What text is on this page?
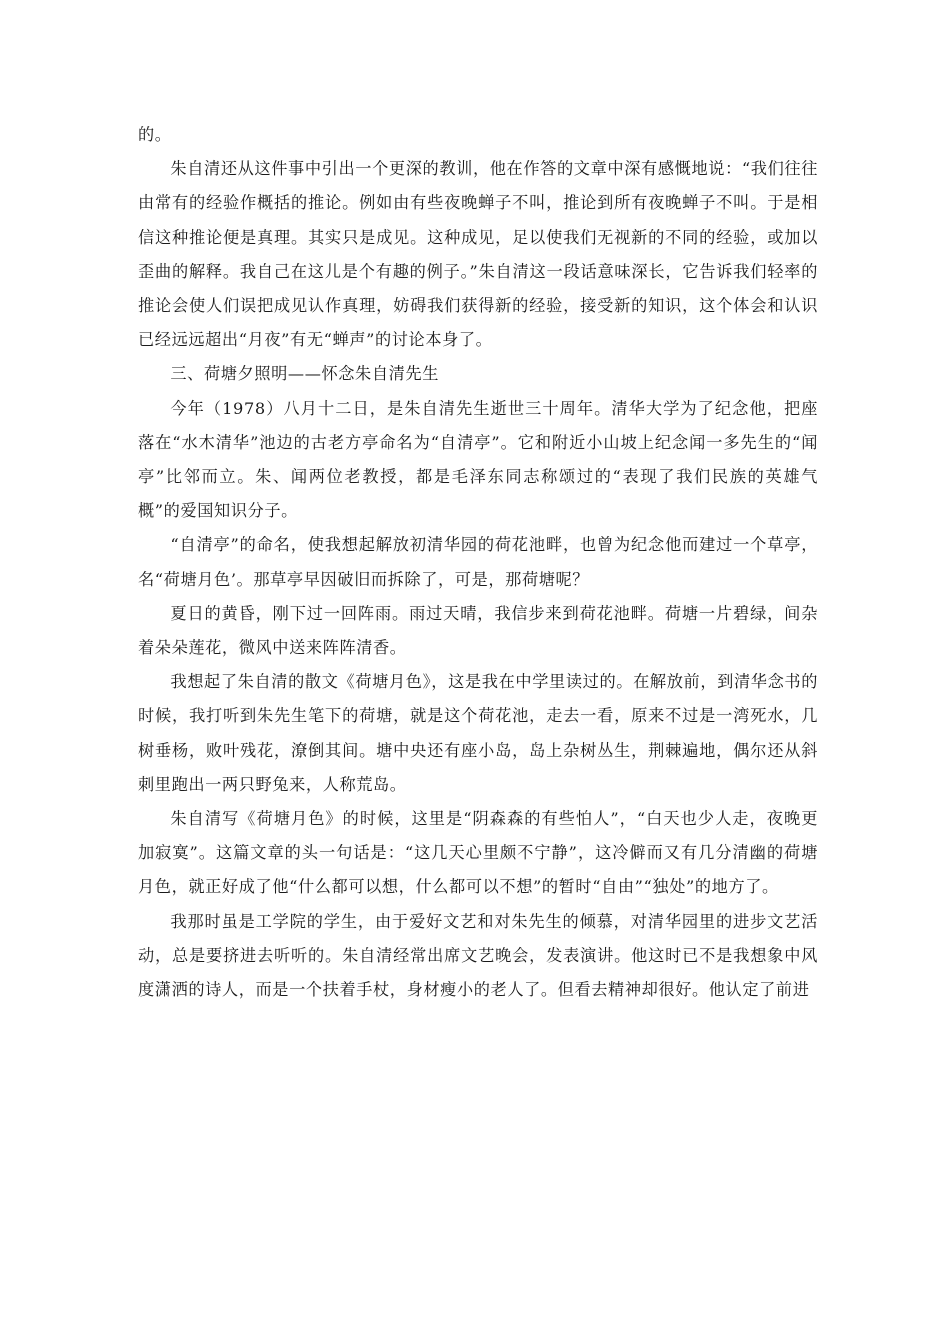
的。

朱自清还从这件事中引出一个更深的教训，他在作答的文章中深有感慨地说：“我们往往由常有的经验作概括的推论。例如由有些夜晚蝉子不叫，推论到所有夜晚蝉子不叫。于是相信这种推论便是真理。其实只是成见。这种成见，足以使我们无视新的不同的经验，或加以歪曲的解释。我自己在这儿是个有趣的例子。”朱自清这一段话意味深长，它告诉我们轻率的推论会使人们误把成见认作真理，妨碍我们获得新的经验，接受新的知识，这个体会和认识已经远远超出“月夜”有无“蝉声”的讨论本身了。

三、荷塘夕照明——怀念朱自清先生

今年（1978）八月十二日，是朱自清先生逝世三十周年。清华大学为了纪念他，把座落在“水木清华”池边的古老方亭命名为“自清亭”。它和附近小山坡上纪念闻一多先生的“闻亭”比邻而立。朱、闻两位老教授，都是毛泽东同志称颂过的“表现了我们民族的英雄气概”的爱国知识分子。

“自清亭”的命名，使我想起解放初清华园的荷花池畔，也曾为纪念他而建过一个草亭，名“荷塘月色’。那草亭早因破旧而拆除了，可是，那荷塘呢？

夏日的黄昏，刚下过一回阵雨。雨过天晴，我信步来到荷花池畔。荷塘一片碧绿，间杂着朵朵莲花，微风中送来阵阵清香。

我想起了朱自清的散文《荷塘月色》，这是我在中学里读过的。在解放前，到清华念书的时候，我打听到朱先生笔下的荷塘，就是这个荷花池，走去一看，原来不过是一湾死水，几树垂杨，败叶残花，潦倒其间。塘中央还有座小岛，岛上杂树丛生，荆棘遍地，偶尔还从斜刺里跑出一两只野兔来，人称荒岛。

朱自清写《荷塘月色》的时候，这里是“阴森森的有些怕人”，“白天也少人走，夜晚更加寂寞”。这篇文章的头一句话是：“这几天心里颇不宁静”，这冷僻而又有几分清幽的荷塘月色，就正好成了他“什么都可以想，什么都可以不想”的暂时“自由”“独处”的地方了。

我那时虽是工学院的学生，由于爱好文艺和对朱先生的倾慕，对清华园里的进步文艺活动，总是要挤进去听听的。朱自清经常出席文艺晚会，发表演讲。他这时已不是我想象中风度潇洒的诗人，而是一个扶着手杖，身材瘦小的老人了。但看去精神却很好。他认定了前进
